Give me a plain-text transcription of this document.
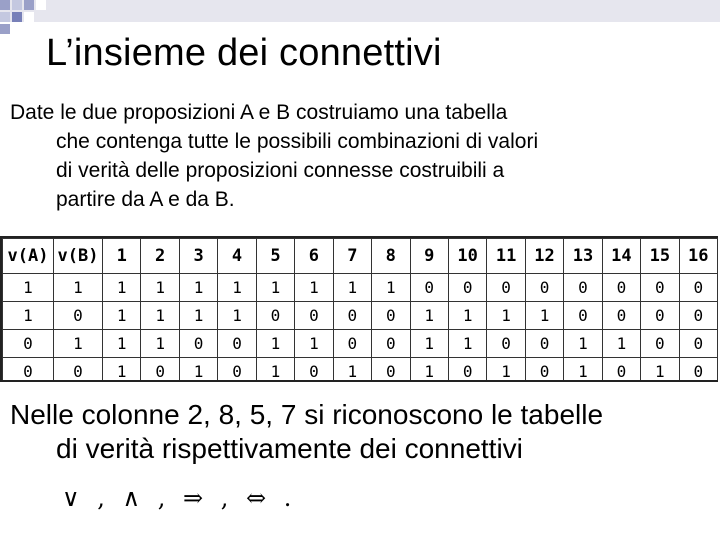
L’insieme dei connettivi

Date le due proposizioni A e B costruiamo una tabella
che contenga tutte le possibili combinazioni di valori
di verità delle proposizioni connesse costruibili a
partire da A e da B.

v(A)	v(B)	1	2	3	4	5	6	7	8	9	10	11	12	13	14	15	16
1	1	1	1	1	1	1	1	1	1	0	0	0	0	0	0	0	0
1	0	1	1	1	1	0	0	0	0	1	1	1	1	0	0	0	0
0	1	1	1	0	0	1	1	0	0	1	1	0	0	1	1	0	0
0	0	1	0	1	0	1	0	1	0	1	0	1	0	1	0	1	0

Nelle colonne 2, 8, 5, 7 si riconoscono le tabelle
di verità rispettivamente dei connettivi

∨ , ∧ , ⇒ , ⇔ .
